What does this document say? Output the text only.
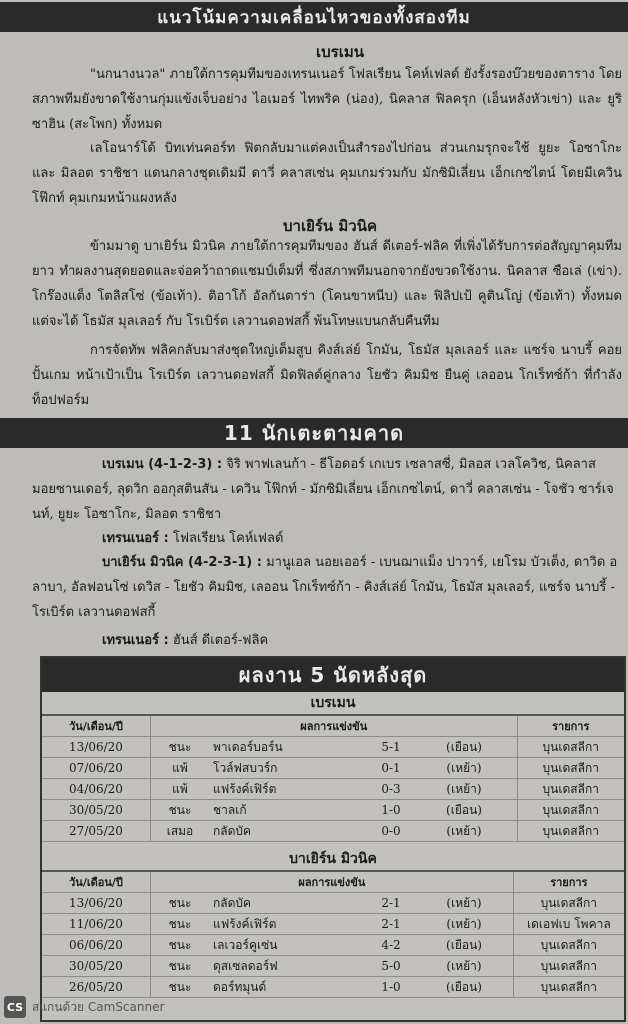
แนวโน้มความเคลื่อนไหวของทั้งสองทีม
เบรเมน

"นกนางนวล" ภายใต้การคุมทีมของเทรนเนอร์ โฟลเรียน โคห์เฟลด์ ยังรั้งรองบ๊วยของตาราง โดยสภาพทีมยังขาดใช้งานกุ่มแข้งเจ็บอย่าง ไอเมอร์ ไทพริค (น่อง), นิคลาส ฟิลครุก (เอ็นหลังหัวเข่า) และ ยูริ ซาฮิน (สะโพก) ทั้งหมด

เลโอนาร์โด้ บิทเท่นคอร์ท ฟิตกลับมาแต่คงเป็นสำรองไปก่อน ส่วนเกมรุกจะใช้ ยูยะ โอซาโกะ และ มิลอต ราชิชา แดนกลางชุดเดิมมี ดาวี่ คลาสเซ่น คุมเกมร่วมกับ มักซิมิเลี่ยน เอ็กเกซไตน์ โดยมีเควิน โฟ๊กท์ คุมเกมหน้าแผงหลัง

บาเยิร์น มิวนิค

ข้ามมาดู บาเยิร์น มิวนิค ภายใต้การคุมทีมของ ฮันส์ ดีเตอร์-ฟลิค ที่เพิ่งได้รับการต่อสัญญาคุมทีมยาว ทำผลงานสุดยอดและจ่อคว้าถาดแชมป์เต็มที่ ซึ่งสภาพทีมนอกจากยังขวดใช้งาน. นิคลาส ซือเล่ (เข่า). โกร๊องแต็ง โตลิสโซ่ (ข้อเท้า). ติอาโก้ อัลกันตาร่า (โคนขาหนีบ) และ ฟิลิปเป้ คูตินโญ่ (ข้อเท้า) ทั้งหมด แต่จะได้ โธมัส มุลเลอร์ กับ โรเบิร์ต เลวานดอฟสกี้ พ้นโทษแบนกลับคืนทีม

การจัดทัพ ฟลิคกลับมาส่งชุดใหญ่เต็มสูบ คิงส์เล่ย์ โกมัน, โธมัส มุลเลอร์ และ แซร์จ นาบรี้ คอยปั้นเกม หน้าเป้าเป็น โรเบิร์ต เลวานดอฟสกี้ มิดฟิลด์คู่กลาง โยชัว คิมมิช ยืนคู่ เลออน โกเร็ทซ์ก้า ที่กำลังท็อปฟอร์ม

11 นักเตะตามคาด

เบรเมน (4-1-2-3) : จิริ พาฟเลนก้า - ธีโอดอร์ เกเบร เซลาสซี่, มิลอส เวลโควิช, นิคลาส มอยซานเดอร์, ลุดวิก ออกุสตินสัน - เควิน โฟ๊กท์ - มักซิมิเลี่ยน เอ็กเกซไตน์, ดาวี่ คลาสเซ่น - โจชัว ซาร์เจนท์, ยูยะ โอซาโกะ, มิลอต ราชิชา

เทรนเนอร์ : โฟลเรียน โคห์เฟลด์

บาเยิร์น มิวนิค (4-2-3-1) : มานูเอล นอยเออร์ - เบนฌาแม็ง ปาวาร์, เยโรม บัวเต็ง, ดาวิด อลาบา, อัลฟอนโซ่ เดวิส - โยชัว คิมมิช, เลออน โกเร็ทซ์ก้า - คิงส์เล่ย์ โกมัน, โธมัส มุลเลอร์, แซร์จ นาบรี้ - โรเบิร์ต เลวานดอฟสกี้

เทรนเนอร์ : ฮันส์ ดีเตอร์-ฟลิค

ผลงาน 5 นัดหลังสุด
เบรเมน						
วัน/เดือน/ปี	ผลการแข่งขัน					รายการ
13/06/20	ชนะ	พาเดอร์บอร์น	5-1	(เยือน)		บุนเดสลีกา
07/06/20	แพ้	โวล์ฟสบวร์ก	0-1	(เหย้า)		บุนเดสลีกา
04/06/20	แพ้	แฟร้งค์เฟิร์ต	0-3	(เหย้า)		บุนเดสลีกา
30/05/20	ชนะ	ชาลเก้	1-0	(เยือน)		บุนเดสลีกา
27/05/20	เสมอ	กลัดบัค	0-0	(เหย้า)		บุนเดสลีกา
บาเยิร์น มิวนิค						
วัน/เดือน/ปี	ผลการแข่งขัน					รายการ
13/06/20	ชนะ	กลัดบัค	2-1	(เหย้า)		บุนเดสลีกา
11/06/20	ชนะ	แฟร้งค์เฟิร์ต	2-1	(เหย้า)		เดเอฟเบ โพคาล
06/06/20	ชนะ	เลเวอร์คูเซ่น	4-2	(เยือน)		บุนเดสลีกา
30/05/20	ชนะ	ดุสเซลดอร์ฟ	5-0	(เหย้า)		บุนเดสลีกา
26/05/20	ชนะ	ดอร์ทมุนด์	1-0	(เยือน)		บุนเดสลีกา
CS สแกนด้วย CamScanner
